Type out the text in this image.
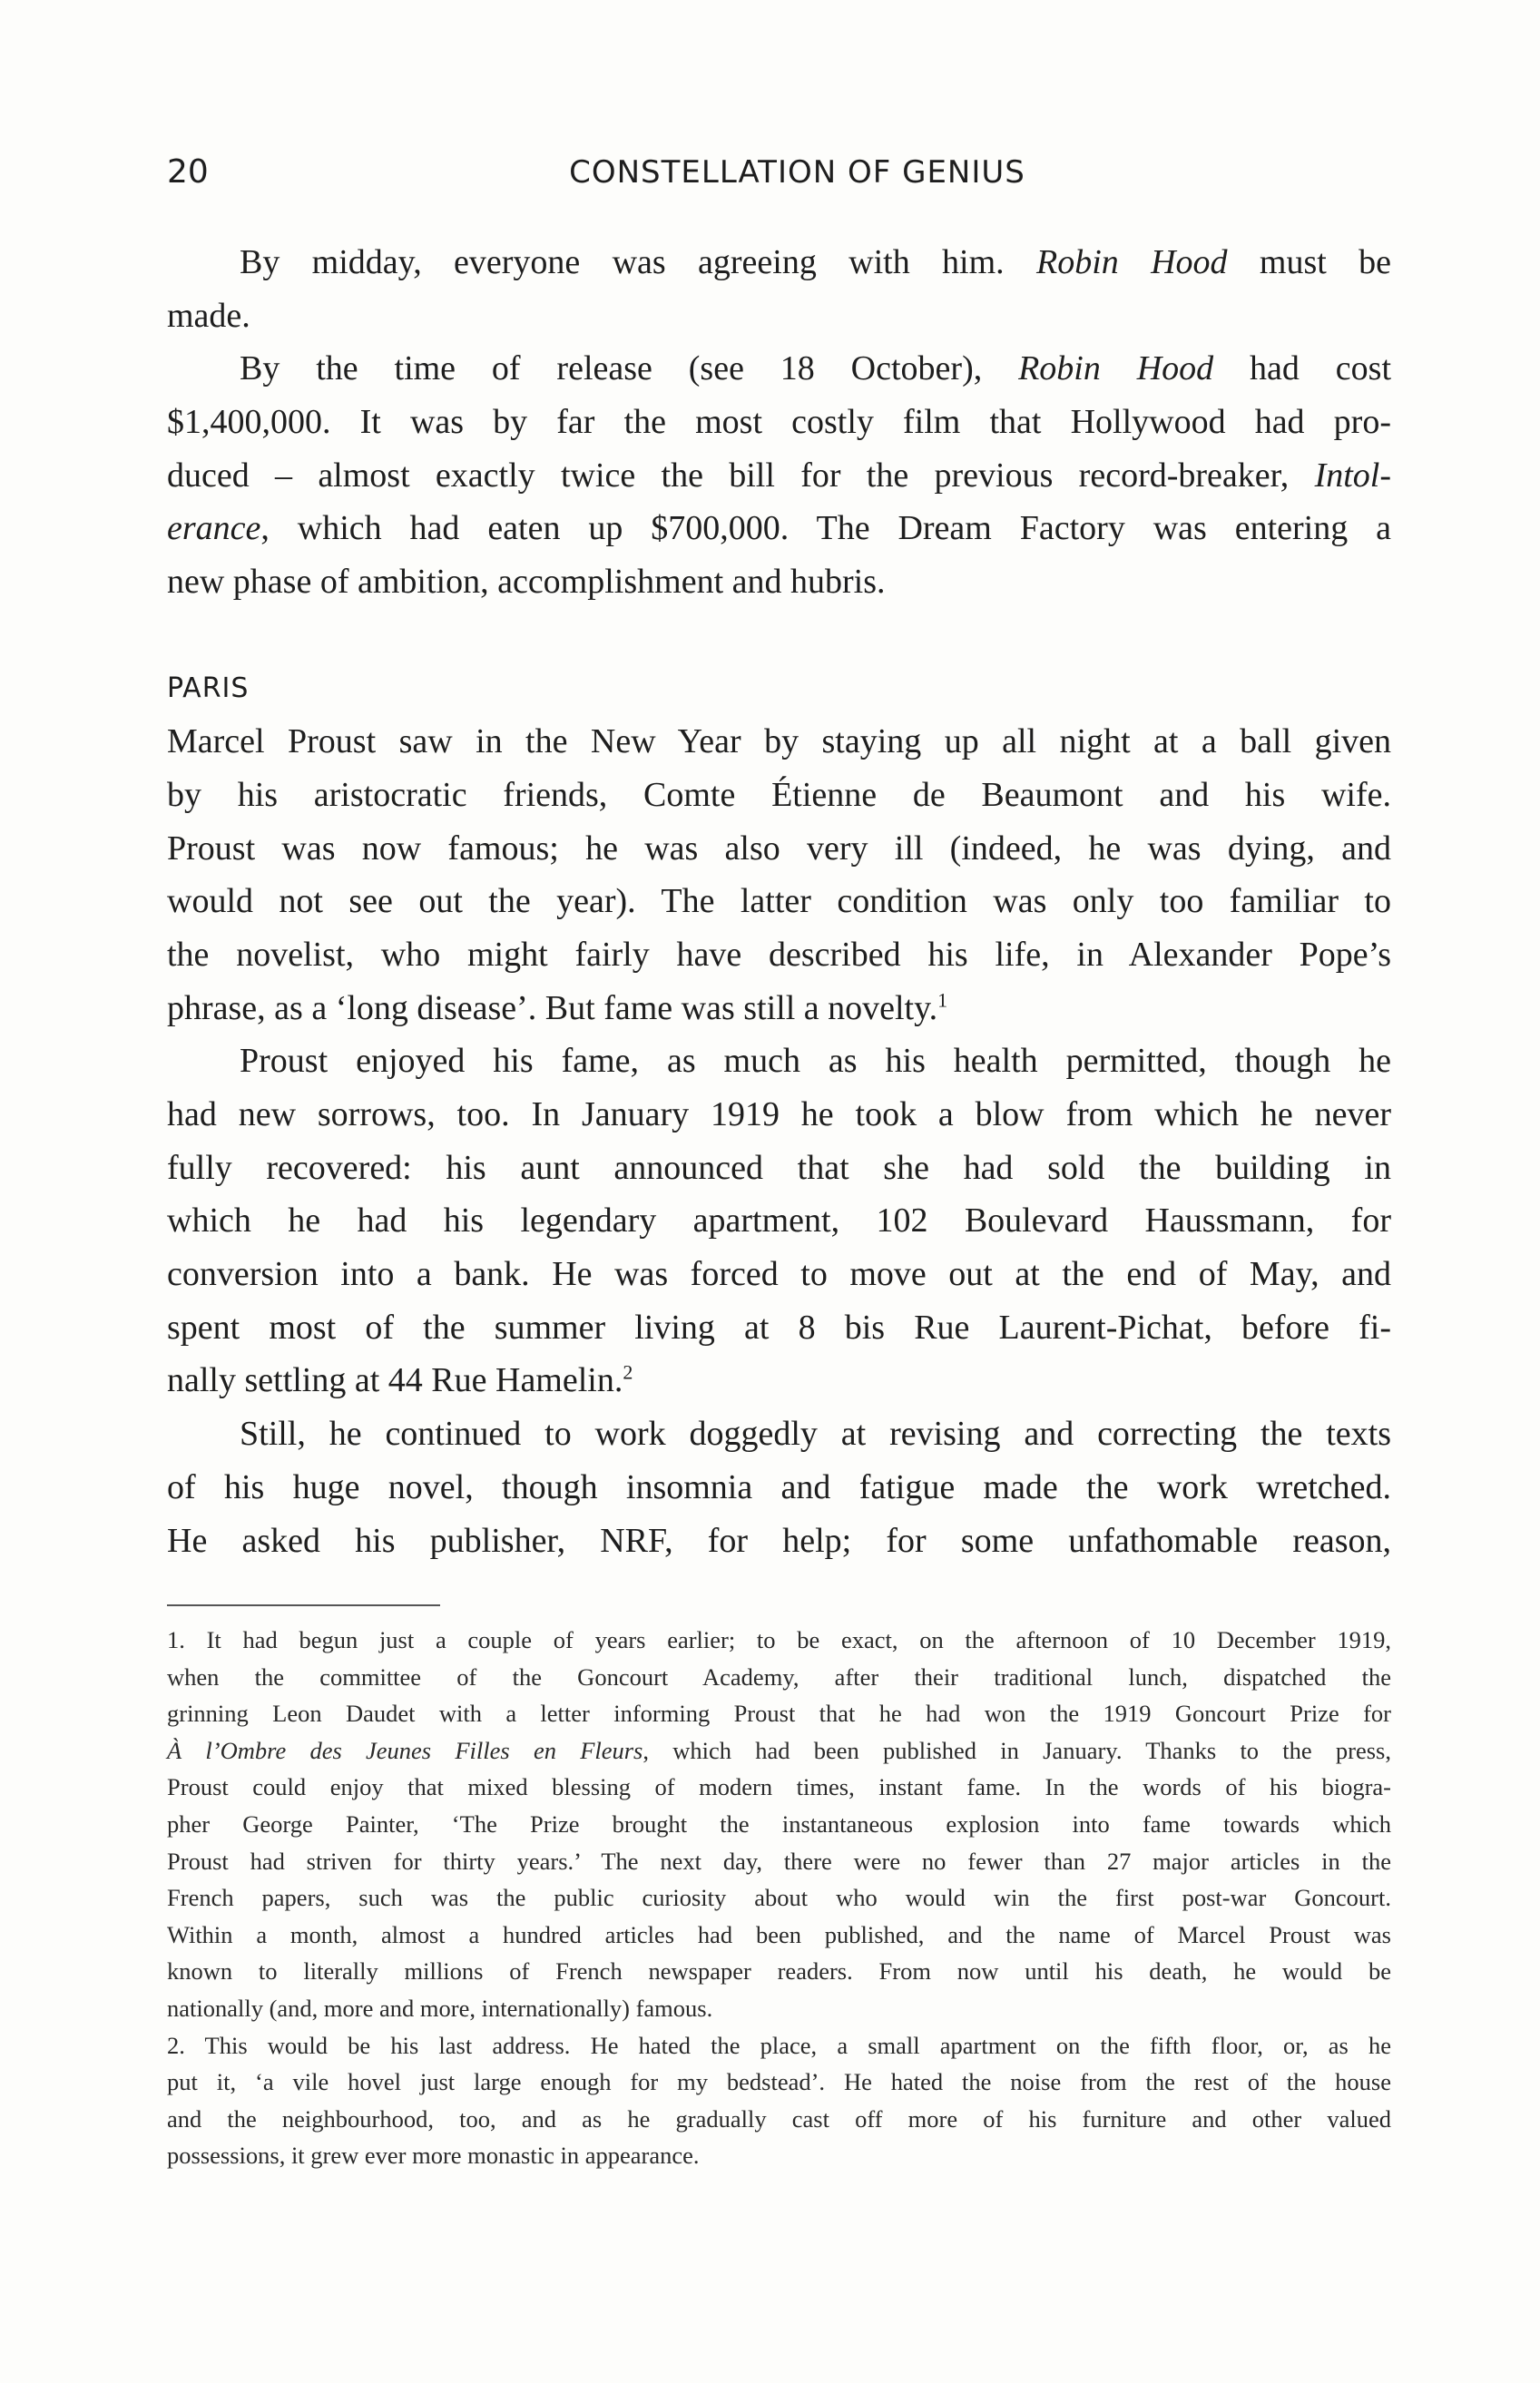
20	CONSTELLATION OF GENIUS
By midday, everyone was agreeing with him. Robin Hood must be
made.
By the time of release (see 18 October), Robin Hood had cost
$1,400,000. It was by far the most costly film that Hollywood had pro-
duced – almost exactly twice the bill for the previous record-breaker, Intol-
erance, which had eaten up $700,000. The Dream Factory was entering a
new phase of ambition, accomplishment and hubris.
PARIS
Marcel Proust saw in the New Year by staying up all night at a ball given
by his aristocratic friends, Comte Étienne de Beaumont and his wife.
Proust was now famous; he was also very ill (indeed, he was dying, and
would not see out the year). The latter condition was only too familiar to
the novelist, who might fairly have described his life, in Alexander Pope’s
phrase, as a ‘long disease’. But fame was still a novelty.$^1$
Proust enjoyed his fame, as much as his health permitted, though he
had new sorrows, too. In January 1919 he took a blow from which he never
fully recovered: his aunt announced that she had sold the building in
which he had his legendary apartment, 102 Boulevard Haussmann, for
conversion into a bank. He was forced to move out at the end of May, and
spent most of the summer living at 8 bis Rue Laurent-Pichat, before fi-
nally settling at 44 Rue Hamelin.$^2$
Still, he continued to work doggedly at revising and correcting the texts
of his huge novel, though insomnia and fatigue made the work wretched.
He asked his publisher, NRF, for help; for some unfathomable reason,
1. It had begun just a couple of years earlier; to be exact, on the afternoon of 10 December 1919,
when the committee of the Goncourt Academy, after their traditional lunch, dispatched the
grinning Leon Daudet with a letter informing Proust that he had won the 1919 Goncourt Prize for
À l’Ombre des Jeunes Filles en Fleurs, which had been published in January. Thanks to the press,
Proust could enjoy that mixed blessing of modern times, instant fame. In the words of his biogra-
pher George Painter, ‘The Prize brought the instantaneous explosion into fame towards which
Proust had striven for thirty years.’ The next day, there were no fewer than 27 major articles in the
French papers, such was the public curiosity about who would win the first post-war Goncourt.
Within a month, almost a hundred articles had been published, and the name of Marcel Proust was
known to literally millions of French newspaper readers. From now until his death, he would be
nationally (and, more and more, internationally) famous.
2. This would be his last address. He hated the place, a small apartment on the fifth floor, or, as he
put it, ‘a vile hovel just large enough for my bedstead’. He hated the noise from the rest of the house
and the neighbourhood, too, and as he gradually cast off more of his furniture and other valued
possessions, it grew ever more monastic in appearance.
